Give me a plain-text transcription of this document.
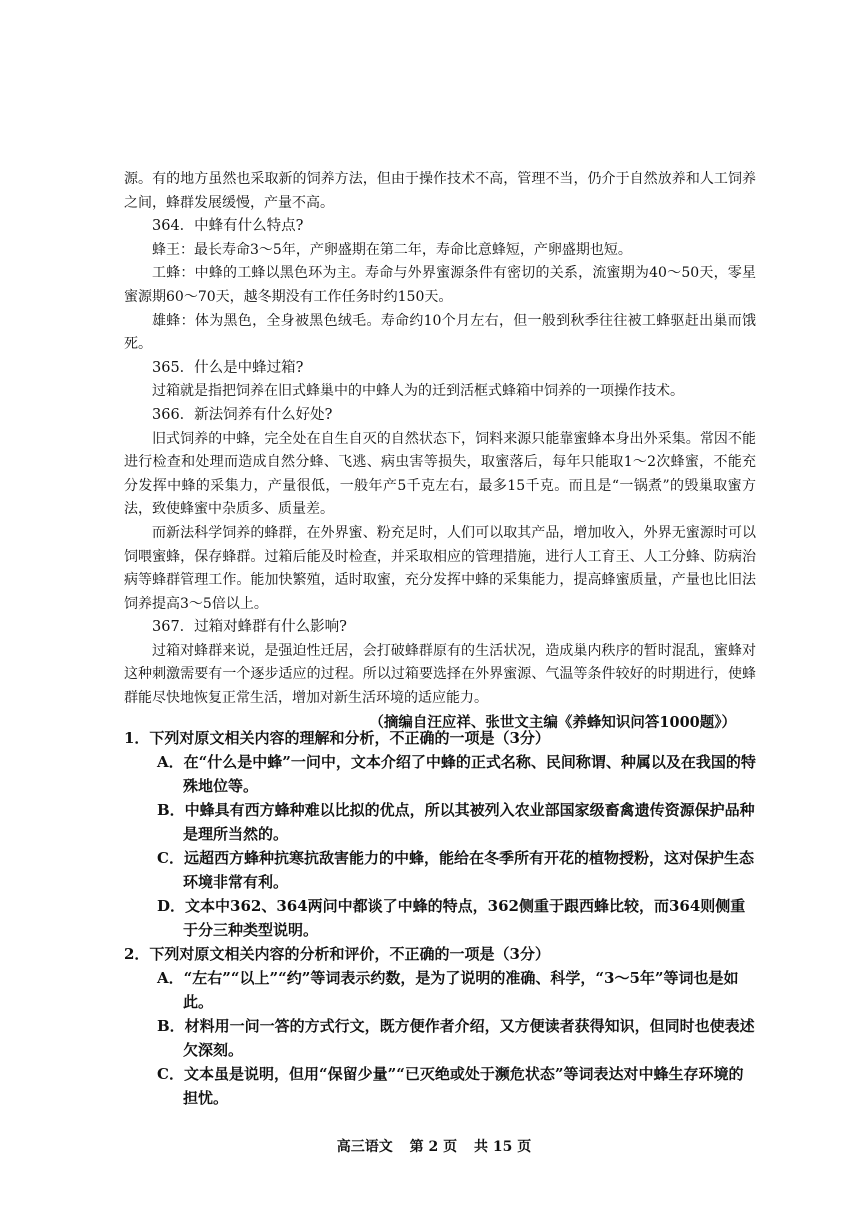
源。有的地方虽然也采取新的饲养方法，但由于操作技术不高，管理不当，仍介于自然放养和人工饲养之间，蜂群发展缓慢，产量不高。

364．中蜂有什么特点?

蜂王：最长寿命3～5年，产卵盛期在第二年，寿命比意蜂短，产卵盛期也短。

工蜂：中蜂的工蜂以黑色环为主。寿命与外界蜜源条件有密切的关系，流蜜期为40～50天，零星蜜源期60～70天，越冬期没有工作任务时约150天。

雄蜂：体为黑色，全身被黑色绒毛。寿命约10个月左右，但一般到秋季往往被工蜂驱赶出巢而饿死。

365．什么是中蜂过箱?

过箱就是指把饲养在旧式蜂巢中的中蜂人为的迁到活框式蜂箱中饲养的一项操作技术。

366．新法饲养有什么好处?

旧式饲养的中蜂，完全处在自生自灭的自然状态下，饲料来源只能靠蜜蜂本身出外采集。常因不能进行检查和处理而造成自然分蜂、飞逃、病虫害等损失，取蜜落后，每年只能取1～2次蜂蜜，不能充分发挥中蜂的采集力，产量很低，一般年产5千克左右，最多15千克。而且是“一锅煮”的毁巢取蜜方法，致使蜂蜜中杂质多、质量差。

而新法科学饲养的蜂群，在外界蜜、粉充足时，人们可以取其产品，增加收入，外界无蜜源时可以饲喂蜜蜂，保存蜂群。过箱后能及时检查，并采取相应的管理措施，进行人工育王、人工分蜂、防病治病等蜂群管理工作。能加快繁殖，适时取蜜，充分发挥中蜂的采集能力，提高蜂蜜质量，产量也比旧法饲养提高3～5倍以上。

367．过箱对蜂群有什么影响?

过箱对蜂群来说，是强迫性迁居，会打破蜂群原有的生活状况，造成巢内秩序的暂时混乱，蜜蜂对这种刺激需要有一个逐步适应的过程。所以过箱要选择在外界蜜源、气温等条件较好的时期进行，使蜂群能尽快地恢复正常生活，增加对新生活环境的适应能力。

（摘编自汪应祥、张世文主编《养蜂知识问答1000题》）

1．下列对原文相关内容的理解和分析，不正确的一项是（3分）

A．在“什么是中蜂”一问中，文本介绍了中蜂的正式名称、民间称谓、种属以及在我国的特殊地位等。

B．中蜂具有西方蜂种难以比拟的优点，所以其被列入农业部国家级畜禽遗传资源保护品种是理所当然的。

C．远超西方蜂种抗寒抗敌害能力的中蜂，能给在冬季所有开花的植物授粉，这对保护生态环境非常有利。

D．文本中362、364两问中都谈了中蜂的特点，362侧重于跟西蜂比较，而364则侧重于分三种类型说明。

2．下列对原文相关内容的分析和评价，不正确的一项是（3分）

A．“左右”“以上”“约”等词表示约数，是为了说明的准确、科学，“3～5年”等词也是如此。

B．材料用一问一答的方式行文，既方便作者介绍，又方便读者获得知识，但同时也使表述欠深刻。

C．文本虽是说明，但用“保留少量”“已灭绝或处于濒危状态”等词表达对中蜂生存环境的担忧。

高三语文 第 2 页 共 15 页
